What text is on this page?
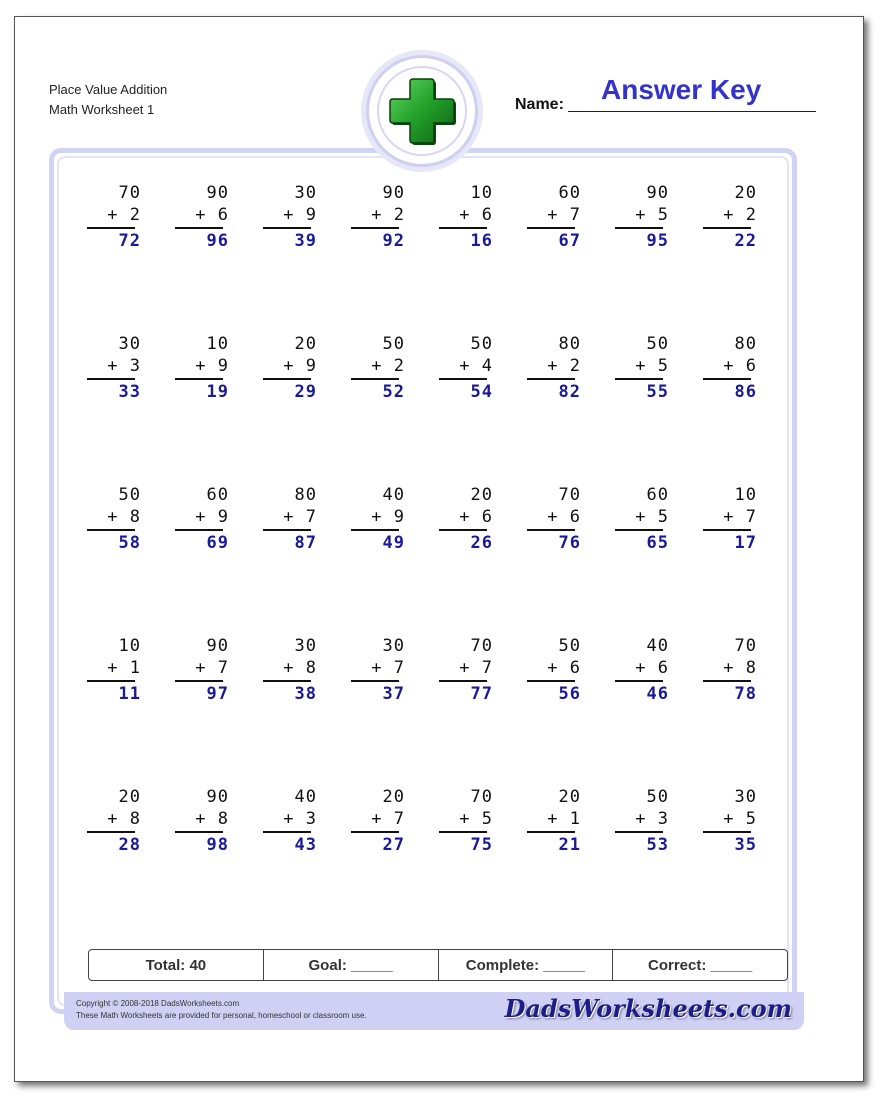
Place Value Addition
Math Worksheet 1	Name: Answer Key
70
+ 2
72
90
+ 6
96
30
+ 9
39
90
+ 2
92
10
+ 6
16
60
+ 7
67
90
+ 5
95
20
+ 2
22
30
+ 3
33
10
+ 9
19
20
+ 9
29
50
+ 2
52
50
+ 4
54
80
+ 2
82
50
+ 5
55
80
+ 6
86
50
+ 8
58
60
+ 9
69
80
+ 7
87
40
+ 9
49
20
+ 6
26
70
+ 6
76
60
+ 5
65
10
+ 7
17
10
+ 1
11
90
+ 7
97
30
+ 8
38
30
+ 7
37
70
+ 7
77
50
+ 6
56
40
+ 6
46
70
+ 8
78
20
+ 8
28
90
+ 8
98
40
+ 3
43
20
+ 7
27
70
+ 5
75
20
+ 1
21
50
+ 3
53
30
+ 5
35
Total: 40	Goal: _____	Complete: _____	Correct: _____
Copyright © 2008-2018 DadsWorksheets.com
These Math Worksheets are provided for personal, homeschool or classroom use.	DadsWorksheets.com
